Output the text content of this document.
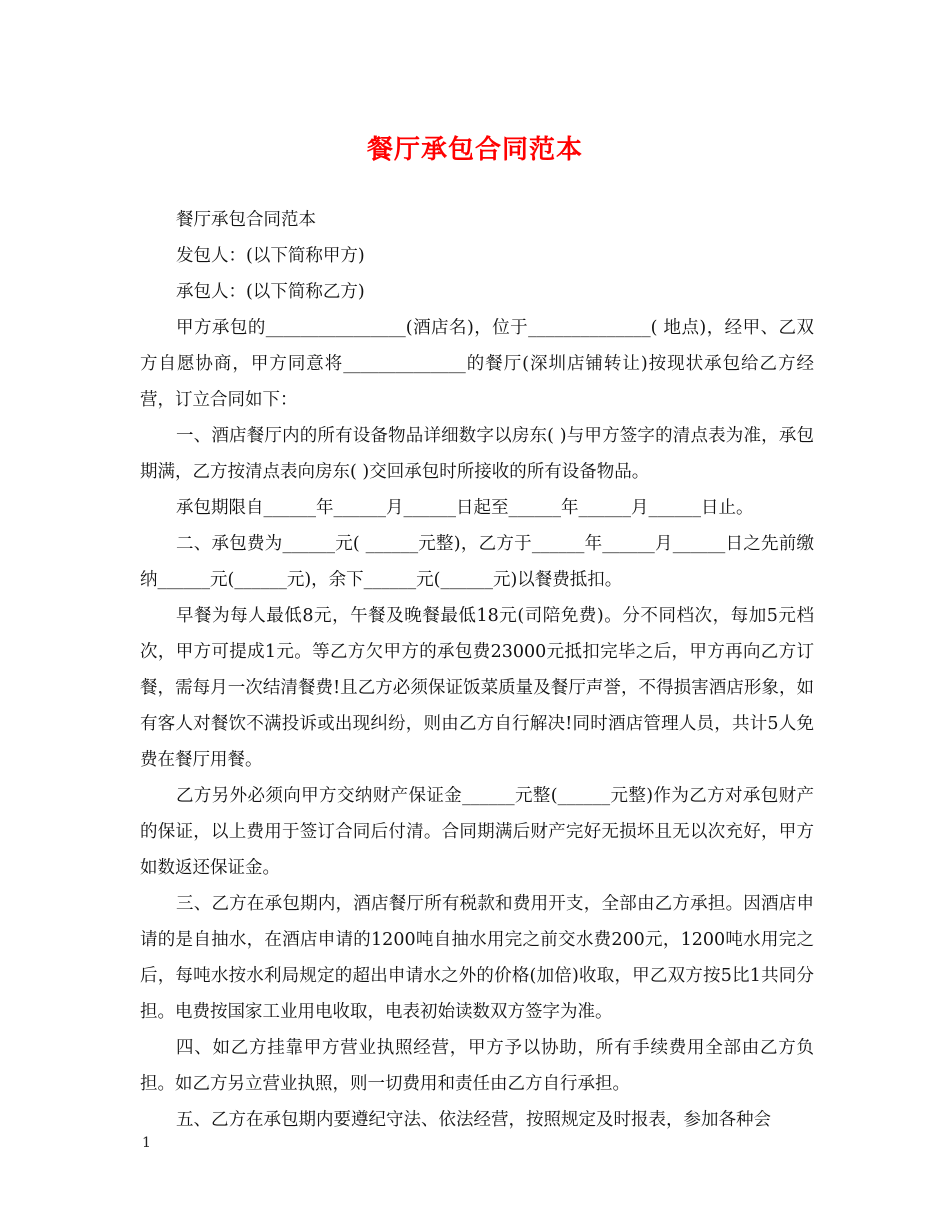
餐厅承包合同范本

餐厅承包合同范本

发包人：(以下简称甲方)

承包人：(以下简称乙方)

甲方承包的________________(酒店名)，位于______________( 地点)，经甲、乙双方自愿协商，甲方同意将______________的餐厅(深圳店铺转让)按现状承包给乙方经营，订立合同如下：

一、酒店餐厅内的所有设备物品详细数字以房东( )与甲方签字的清点表为准，承包期满，乙方按清点表向房东( )交回承包时所接收的所有设备物品。

承包期限自______年______月______日起至______年______月______日止。

二、承包费为______元( ______元整)，乙方于______年______月______日之先前缴纳______元(______元)，余下______元(______元)以餐费抵扣。

早餐为每人最低8元，午餐及晚餐最低18元(司陪免费)。分不同档次，每加5元档次，甲方可提成1元。等乙方欠甲方的承包费23000元抵扣完毕之后，甲方再向乙方订餐，需每月一次结清餐费!且乙方必须保证饭菜质量及餐厅声誉，不得损害酒店形象，如有客人对餐饮不满投诉或出现纠纷，则由乙方自行解决!同时酒店管理人员，共计5人免费在餐厅用餐。

乙方另外必须向甲方交纳财产保证金______元整(______元整)作为乙方对承包财产的保证，以上费用于签订合同后付清。合同期满后财产完好无损坏且无以次充好，甲方如数返还保证金。

三、乙方在承包期内，酒店餐厅所有税款和费用开支，全部由乙方承担。因酒店申请的是自抽水，在酒店申请的1200吨自抽水用完之前交水费200元，1200吨水用完之后，每吨水按水利局规定的超出申请水之外的价格(加倍)收取，甲乙双方按5比1共同分担。电费按国家工业用电收取，电表初始读数双方签字为准。

四、如乙方挂靠甲方营业执照经营，甲方予以协助，所有手续费用全部由乙方负担。如乙方另立营业执照，则一切费用和责任由乙方自行承担。

五、乙方在承包期内要遵纪守法、依法经营，按照规定及时报表，参加各种会

1
